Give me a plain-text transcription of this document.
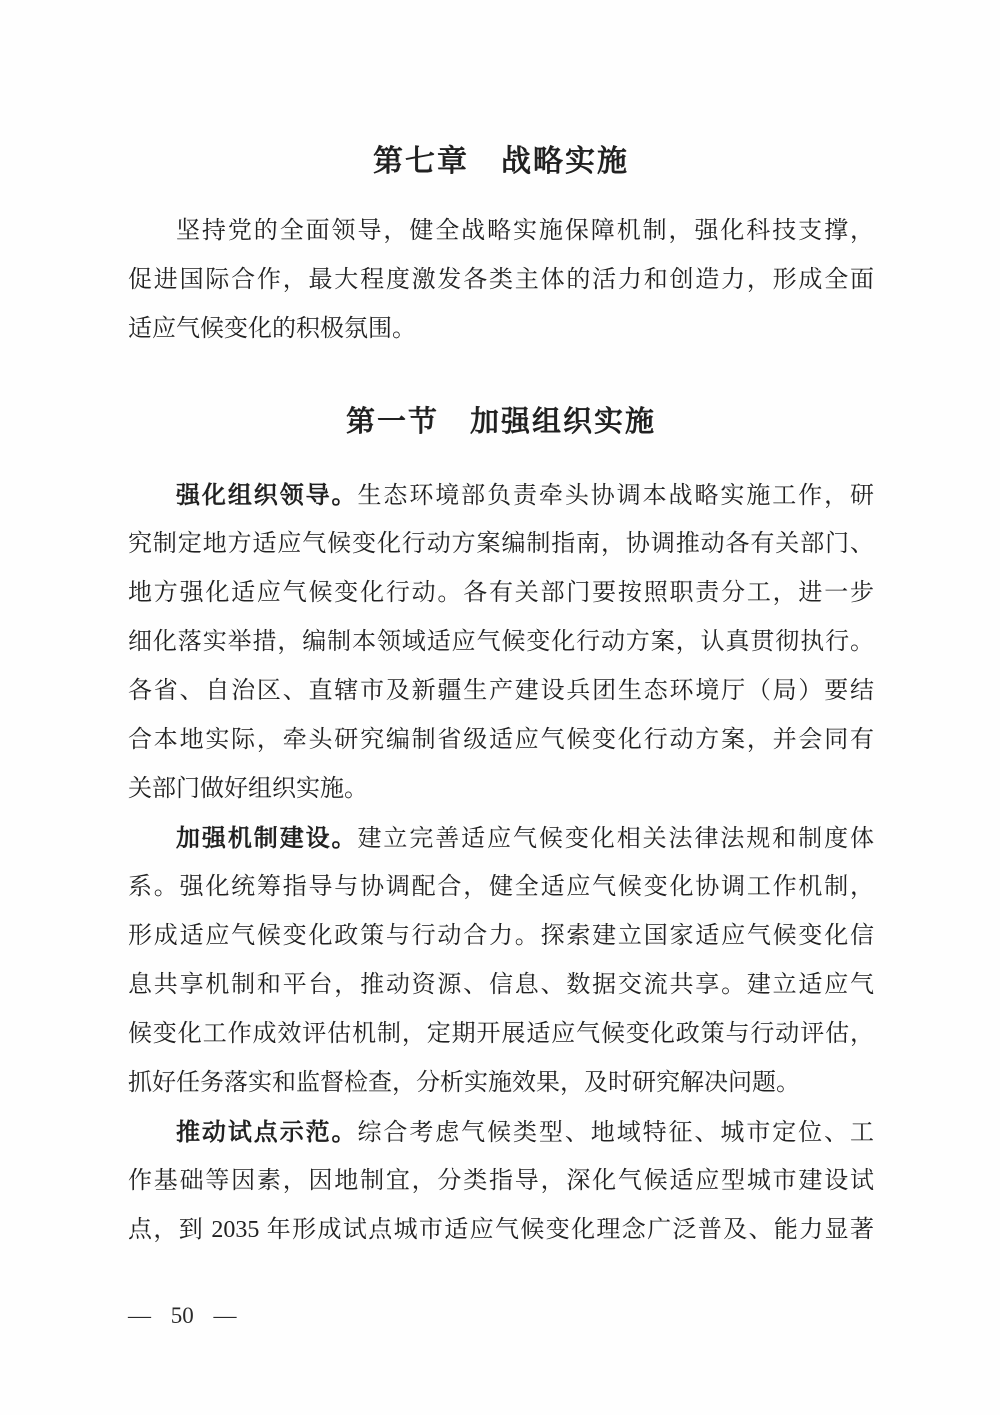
第七章　战略实施
坚持党的全面领导，健全战略实施保障机制，强化科技支撑，
促进国际合作，最大程度激发各类主体的活力和创造力，形成全面
适应气候变化的积极氛围。
第一节　加强组织实施
强化组织领导。生态环境部负责牵头协调本战略实施工作，研
究制定地方适应气候变化行动方案编制指南，协调推动各有关部门、
地方强化适应气候变化行动。各有关部门要按照职责分工，进一步
细化落实举措，编制本领域适应气候变化行动方案，认真贯彻执行。
各省、自治区、直辖市及新疆生产建设兵团生态环境厅（局）要结
合本地实际，牵头研究编制省级适应气候变化行动方案，并会同有
关部门做好组织实施。
加强机制建设。建立完善适应气候变化相关法律法规和制度体
系。强化统筹指导与协调配合，健全适应气候变化协调工作机制，
形成适应气候变化政策与行动合力。探索建立国家适应气候变化信
息共享机制和平台，推动资源、信息、数据交流共享。建立适应气
候变化工作成效评估机制，定期开展适应气候变化政策与行动评估，
抓好任务落实和监督检查，分析实施效果，及时研究解决问题。
推动试点示范。综合考虑气候类型、地域特征、城市定位、工
作基础等因素，因地制宜，分类指导，深化气候适应型城市建设试
点，到 2035 年形成试点城市适应气候变化理念广泛普及、能力显著
— 50 —
